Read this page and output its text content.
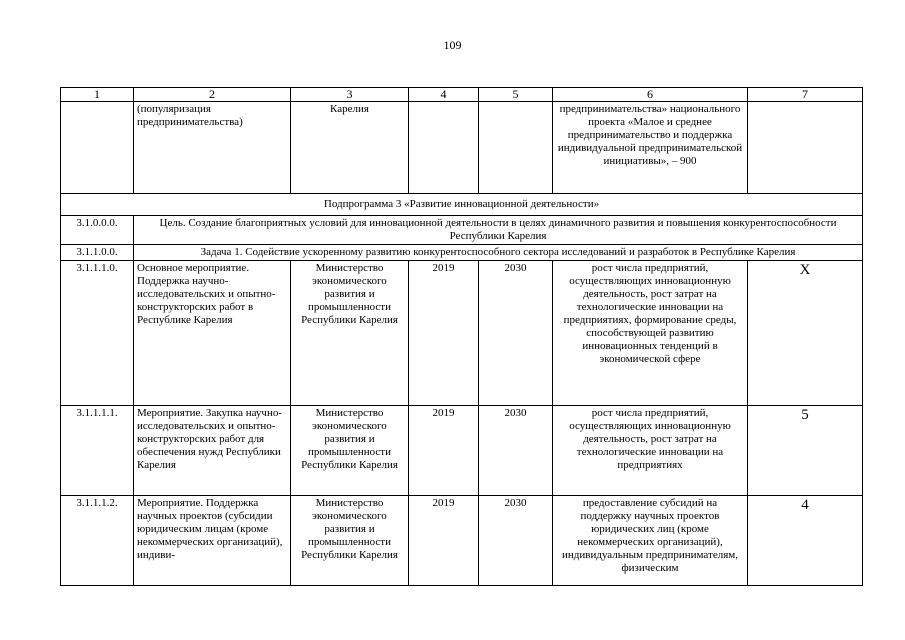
109
1	2	3	4	5	6	7
	(популяризация предпринимательства)	Карелия			предпринимательства» национального проекта «Малое и среднее предпринимательство и поддержка индивидуальной предпринимательской инициативы», – 900	
Подпрограмма 3 «Развитие инновационной деятельности»						
3.1.0.0.0.	Цель. Создание благоприятных условий для инновационной деятельности в целях динамичного развития и повышения конкурентоспособности Республики Карелия					
3.1.1.0.0.	Задача 1. Содействие ускоренному развитию конкурентоспособного сектора исследований и разработок в Республике Карелия					
3.1.1.1.0.	Основное мероприятие. Поддержка научно-исследовательских и опытно-конструкторских работ в Республике Карелия	Министерство экономического развития и промышленности Республики Карелия	2019	2030	рост числа предприятий, осуществляющих инновационную деятельность, рост затрат на технологические инновации на предприятиях, формирование среды, способствующей развитию инновационных тенденций в экономической сфере	Х
3.1.1.1.1.	Мероприятие. Закупка научно-исследовательских и опытно-конструкторских работ для обеспечения нужд Республики Карелия	Министерство экономического развития и промышленности Республики Карелия	2019	2030	рост числа предприятий, осуществляющих инновационную деятельность, рост затрат на технологические инновации на предприятиях	5
3.1.1.1.2.	Мероприятие. Поддержка научных проектов (субсидии юридическим лицам (кроме некоммерческих организаций), индиви-	Министерство экономического развития и промышленности Республики Карелия	2019	2030	предоставление субсидий на поддержку научных проектов юридических лиц (кроме некоммерческих организаций), индивидуальным предпринимателям, физическим	4
